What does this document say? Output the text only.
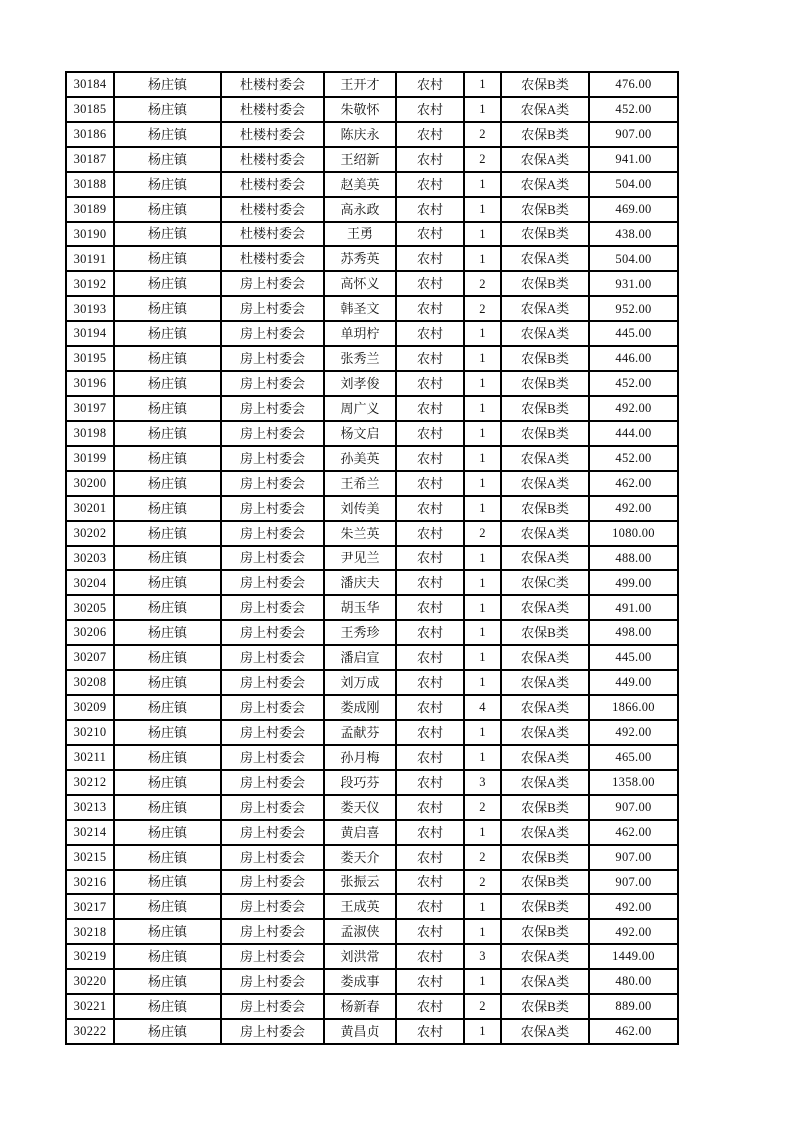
30184	杨庄镇	杜楼村委会	王开才	农村	1	农保B类	476.00
30185	杨庄镇	杜楼村委会	朱敬怀	农村	1	农保A类	452.00
30186	杨庄镇	杜楼村委会	陈庆永	农村	2	农保B类	907.00
30187	杨庄镇	杜楼村委会	王绍新	农村	2	农保A类	941.00
30188	杨庄镇	杜楼村委会	赵美英	农村	1	农保A类	504.00
30189	杨庄镇	杜楼村委会	高永政	农村	1	农保B类	469.00
30190	杨庄镇	杜楼村委会	王勇	农村	1	农保B类	438.00
30191	杨庄镇	杜楼村委会	苏秀英	农村	1	农保A类	504.00
30192	杨庄镇	房上村委会	高怀义	农村	2	农保B类	931.00
30193	杨庄镇	房上村委会	韩圣文	农村	2	农保A类	952.00
30194	杨庄镇	房上村委会	单玥柠	农村	1	农保A类	445.00
30195	杨庄镇	房上村委会	张秀兰	农村	1	农保B类	446.00
30196	杨庄镇	房上村委会	刘孝俊	农村	1	农保B类	452.00
30197	杨庄镇	房上村委会	周广义	农村	1	农保B类	492.00
30198	杨庄镇	房上村委会	杨文启	农村	1	农保B类	444.00
30199	杨庄镇	房上村委会	孙美英	农村	1	农保A类	452.00
30200	杨庄镇	房上村委会	王希兰	农村	1	农保A类	462.00
30201	杨庄镇	房上村委会	刘传美	农村	1	农保B类	492.00
30202	杨庄镇	房上村委会	朱兰英	农村	2	农保A类	1080.00
30203	杨庄镇	房上村委会	尹见兰	农村	1	农保A类	488.00
30204	杨庄镇	房上村委会	潘庆夫	农村	1	农保C类	499.00
30205	杨庄镇	房上村委会	胡玉华	农村	1	农保A类	491.00
30206	杨庄镇	房上村委会	王秀珍	农村	1	农保B类	498.00
30207	杨庄镇	房上村委会	潘启宣	农村	1	农保A类	445.00
30208	杨庄镇	房上村委会	刘万成	农村	1	农保A类	449.00
30209	杨庄镇	房上村委会	娄成刚	农村	4	农保A类	1866.00
30210	杨庄镇	房上村委会	孟献芬	农村	1	农保A类	492.00
30211	杨庄镇	房上村委会	孙月梅	农村	1	农保A类	465.00
30212	杨庄镇	房上村委会	段巧芬	农村	3	农保A类	1358.00
30213	杨庄镇	房上村委会	娄天仪	农村	2	农保B类	907.00
30214	杨庄镇	房上村委会	黄启喜	农村	1	农保A类	462.00
30215	杨庄镇	房上村委会	娄天介	农村	2	农保B类	907.00
30216	杨庄镇	房上村委会	张振云	农村	2	农保B类	907.00
30217	杨庄镇	房上村委会	王成英	农村	1	农保B类	492.00
30218	杨庄镇	房上村委会	孟淑侠	农村	1	农保B类	492.00
30219	杨庄镇	房上村委会	刘洪常	农村	3	农保A类	1449.00
30220	杨庄镇	房上村委会	娄成事	农村	1	农保A类	480.00
30221	杨庄镇	房上村委会	杨新春	农村	2	农保B类	889.00
30222	杨庄镇	房上村委会	黄昌贞	农村	1	农保A类	462.00
